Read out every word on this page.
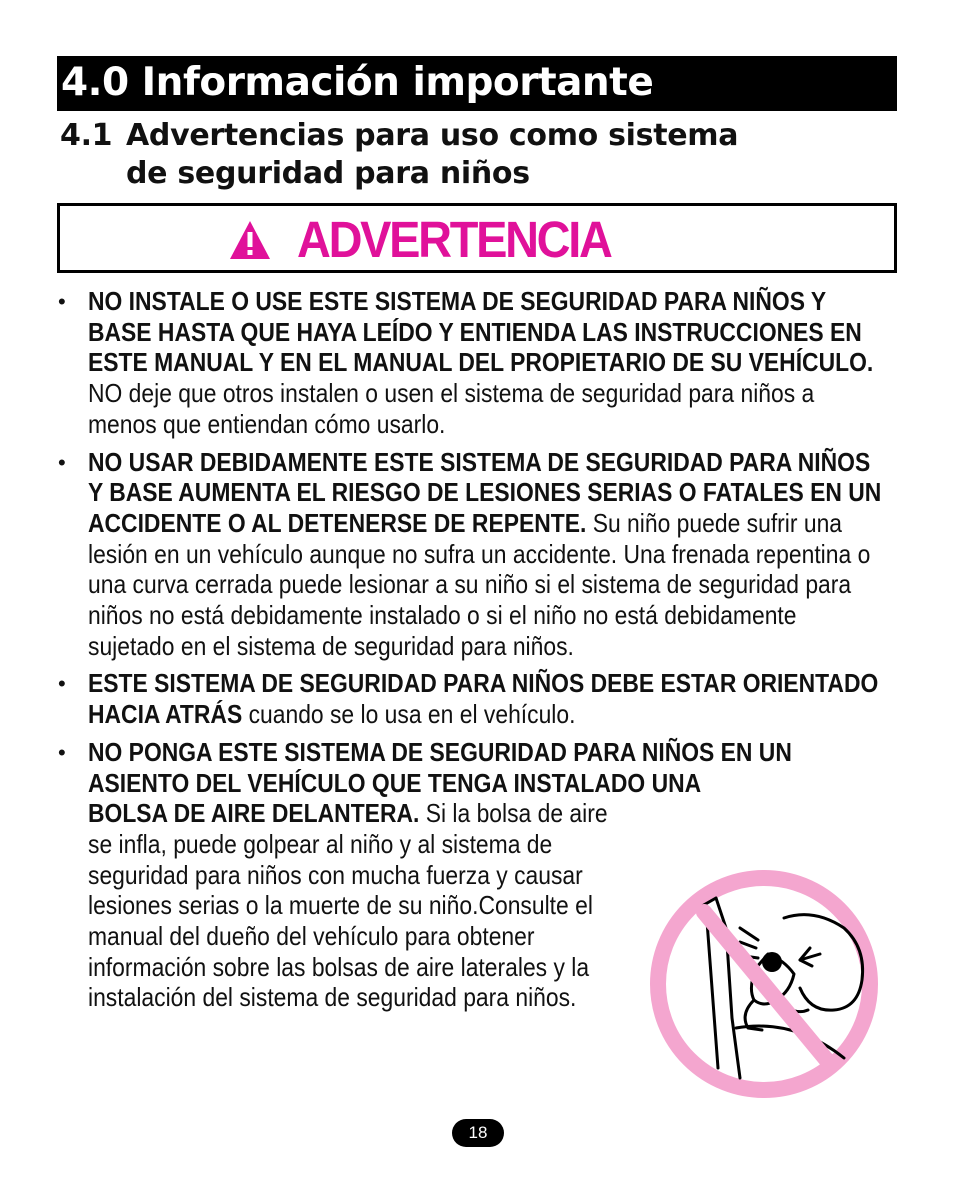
4.0 Información importante
4.1 Advertencias para uso como sistema
de seguridad para niños
ADVERTENCIA
• NO INSTALE O USE ESTE SISTEMA DE SEGURIDAD PARA NIÑOS Y BASE HASTA QUE HAYA LEÍDO Y ENTIENDA LAS INSTRUCCIONES EN ESTE MANUAL Y EN EL MANUAL DEL PROPIETARIO DE SU VEHÍCULO. NO deje que otros instalen o usen el sistema de seguridad para niños a menos que entiendan cómo usarlo.
• NO USAR DEBIDAMENTE ESTE SISTEMA DE SEGURIDAD PARA NIÑOS Y BASE AUMENTA EL RIESGO DE LESIONES SERIAS O FATALES EN UN ACCIDENTE O AL DETENERSE DE REPENTE. Su niño puede sufrir una lesión en un vehículo aunque no sufra un accidente. Una frenada repentina o una curva cerrada puede lesionar a su niño si el sistema de seguridad para niños no está debidamente instalado o si el niño no está debidamente sujetado en el sistema de seguridad para niños.
• ESTE SISTEMA DE SEGURIDAD PARA NIÑOS DEBE ESTAR ORIENTADO HACIA ATRÁS cuando se lo usa en el vehículo.
• NO PONGA ESTE SISTEMA DE SEGURIDAD PARA NIÑOS EN UN ASIENTO DEL VEHÍCULO QUE TENGA INSTALADO UNA
BOLSA DE AIRE DELANTERA. Si la bolsa de aire se infla, puede golpear al niño y al sistema de seguridad para niños con mucha fuerza y causar lesiones serias o la muerte de su niño.Consulte el manual del dueño del vehículo para obtener información sobre las bolsas de aire laterales y la instalación del sistema de seguridad para niños.
18
